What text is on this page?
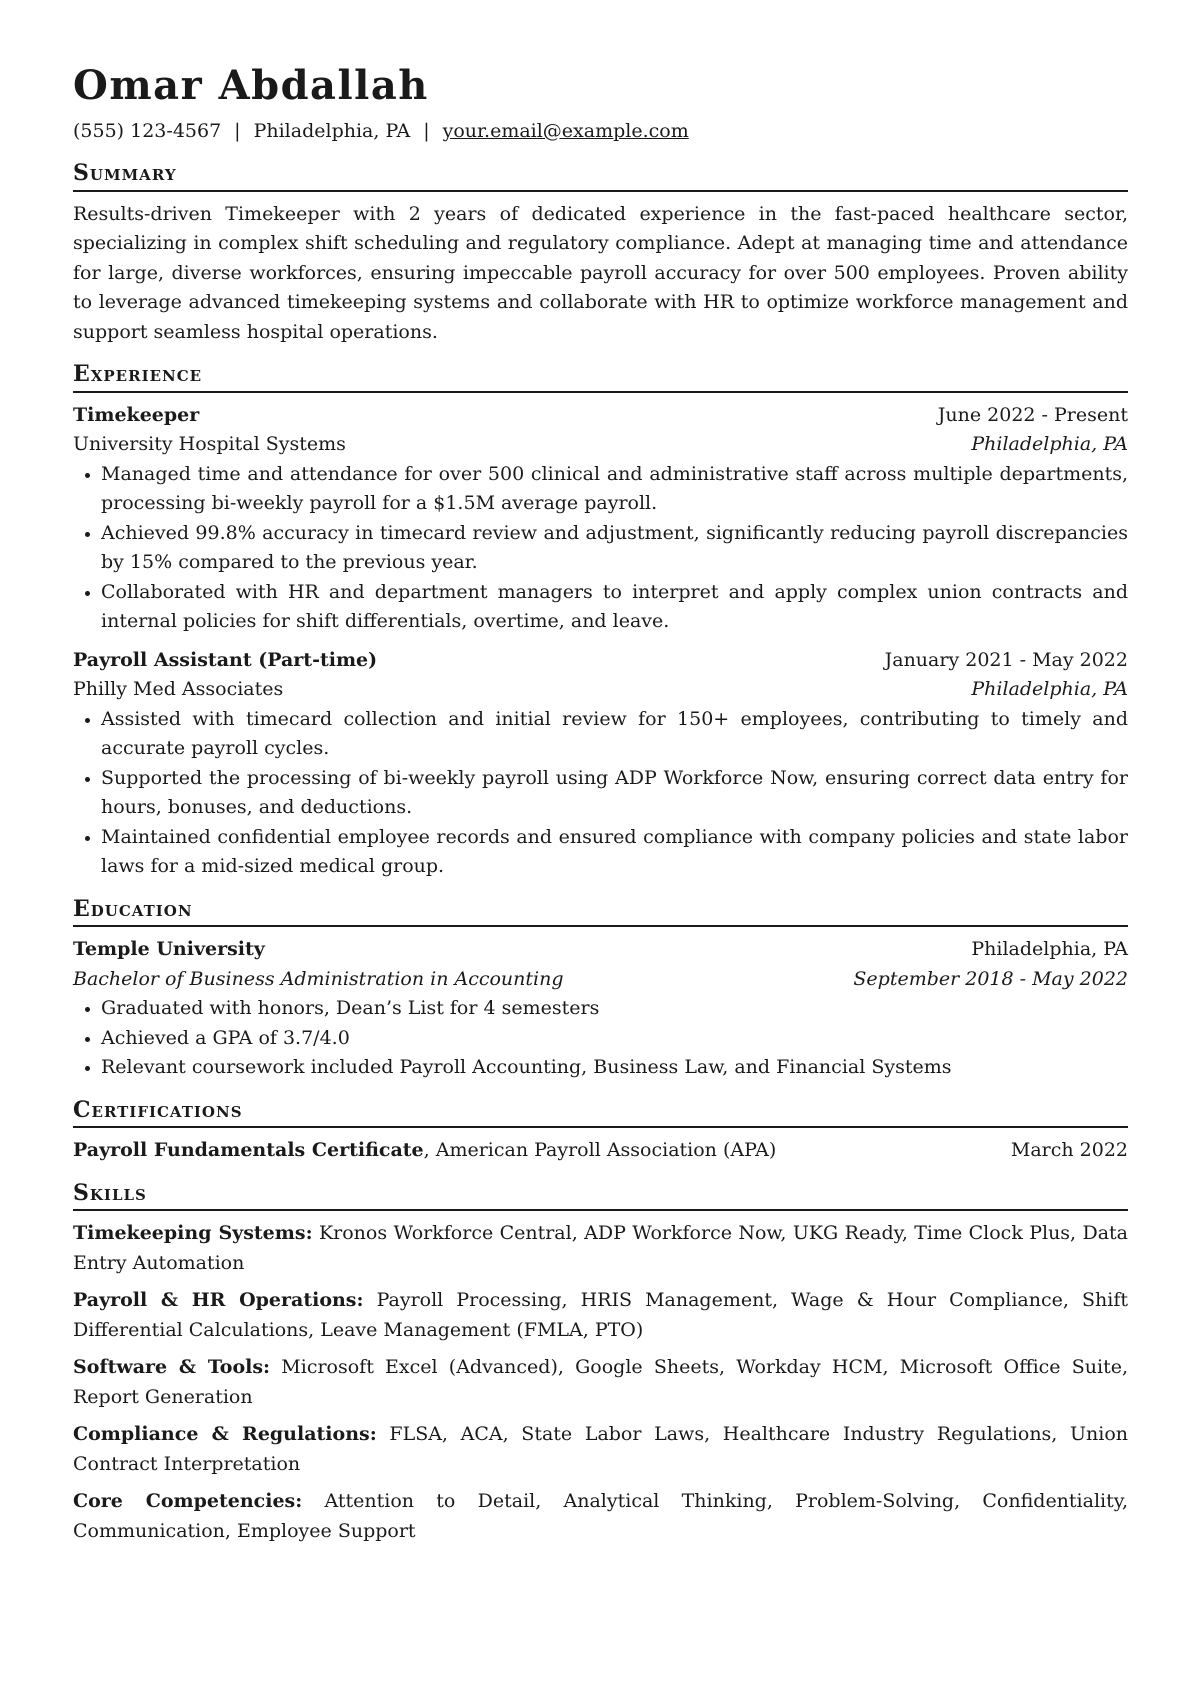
Omar Abdallah
(555) 123-4567 | Philadelphia, PA | your.email@example.com
Summary

Results-driven Timekeeper with 2 years of dedicated experience in the fast-paced healthcare sector, specializing in complex shift scheduling and regulatory compliance. Adept at managing time and attendance for large, diverse workforces, ensuring impeccable payroll accuracy for over 500 employees. Proven ability to leverage advanced timekeeping systems and collaborate with HR to optimize workforce management and support seamless hospital operations.

Experience
Timekeeper	June 2022 - Present
University Hospital Systems	Philadelphia, PA
• Managed time and attendance for over 500 clinical and administrative staff across multiple departments, processing bi-weekly payroll for a $1.5M average payroll.
• Achieved 99.8% accuracy in timecard review and adjustment, significantly reducing payroll discrepancies by 15% compared to the previous year.
• Collaborated with HR and department managers to interpret and apply complex union contracts and internal policies for shift differentials, overtime, and leave.
Payroll Assistant (Part-time)	January 2021 - May 2022
Philly Med Associates	Philadelphia, PA
• Assisted with timecard collection and initial review for 150+ employees, contributing to timely and accurate payroll cycles.
• Supported the processing of bi-weekly payroll using ADP Workforce Now, ensuring correct data entry for hours, bonuses, and deductions.
• Maintained confidential employee records and ensured compliance with company policies and state labor laws for a mid-sized medical group.
Education
Temple University	Philadelphia, PA
Bachelor of Business Administration in Accounting	September 2018 - May 2022
• Graduated with honors, Dean’s List for 4 semesters
• Achieved a GPA of 3.7/4.0
• Relevant coursework included Payroll Accounting, Business Law, and Financial Systems
Certifications
Payroll Fundamentals Certificate, American Payroll Association (APA)	March 2022
Skills

Timekeeping Systems: Kronos Workforce Central, ADP Workforce Now, UKG Ready, Time Clock Plus, Data Entry Automation

Payroll & HR Operations: Payroll Processing, HRIS Management, Wage & Hour Compliance, Shift Differential Calculations, Leave Management (FMLA, PTO)

Software & Tools: Microsoft Excel (Advanced), Google Sheets, Workday HCM, Microsoft Office Suite, Report Generation

Compliance & Regulations: FLSA, ACA, State Labor Laws, Healthcare Industry Regulations, Union Contract Interpretation

Core Competencies: Attention to Detail, Analytical Thinking, Problem-Solving, Confidentiality, Communication, Employee Support
